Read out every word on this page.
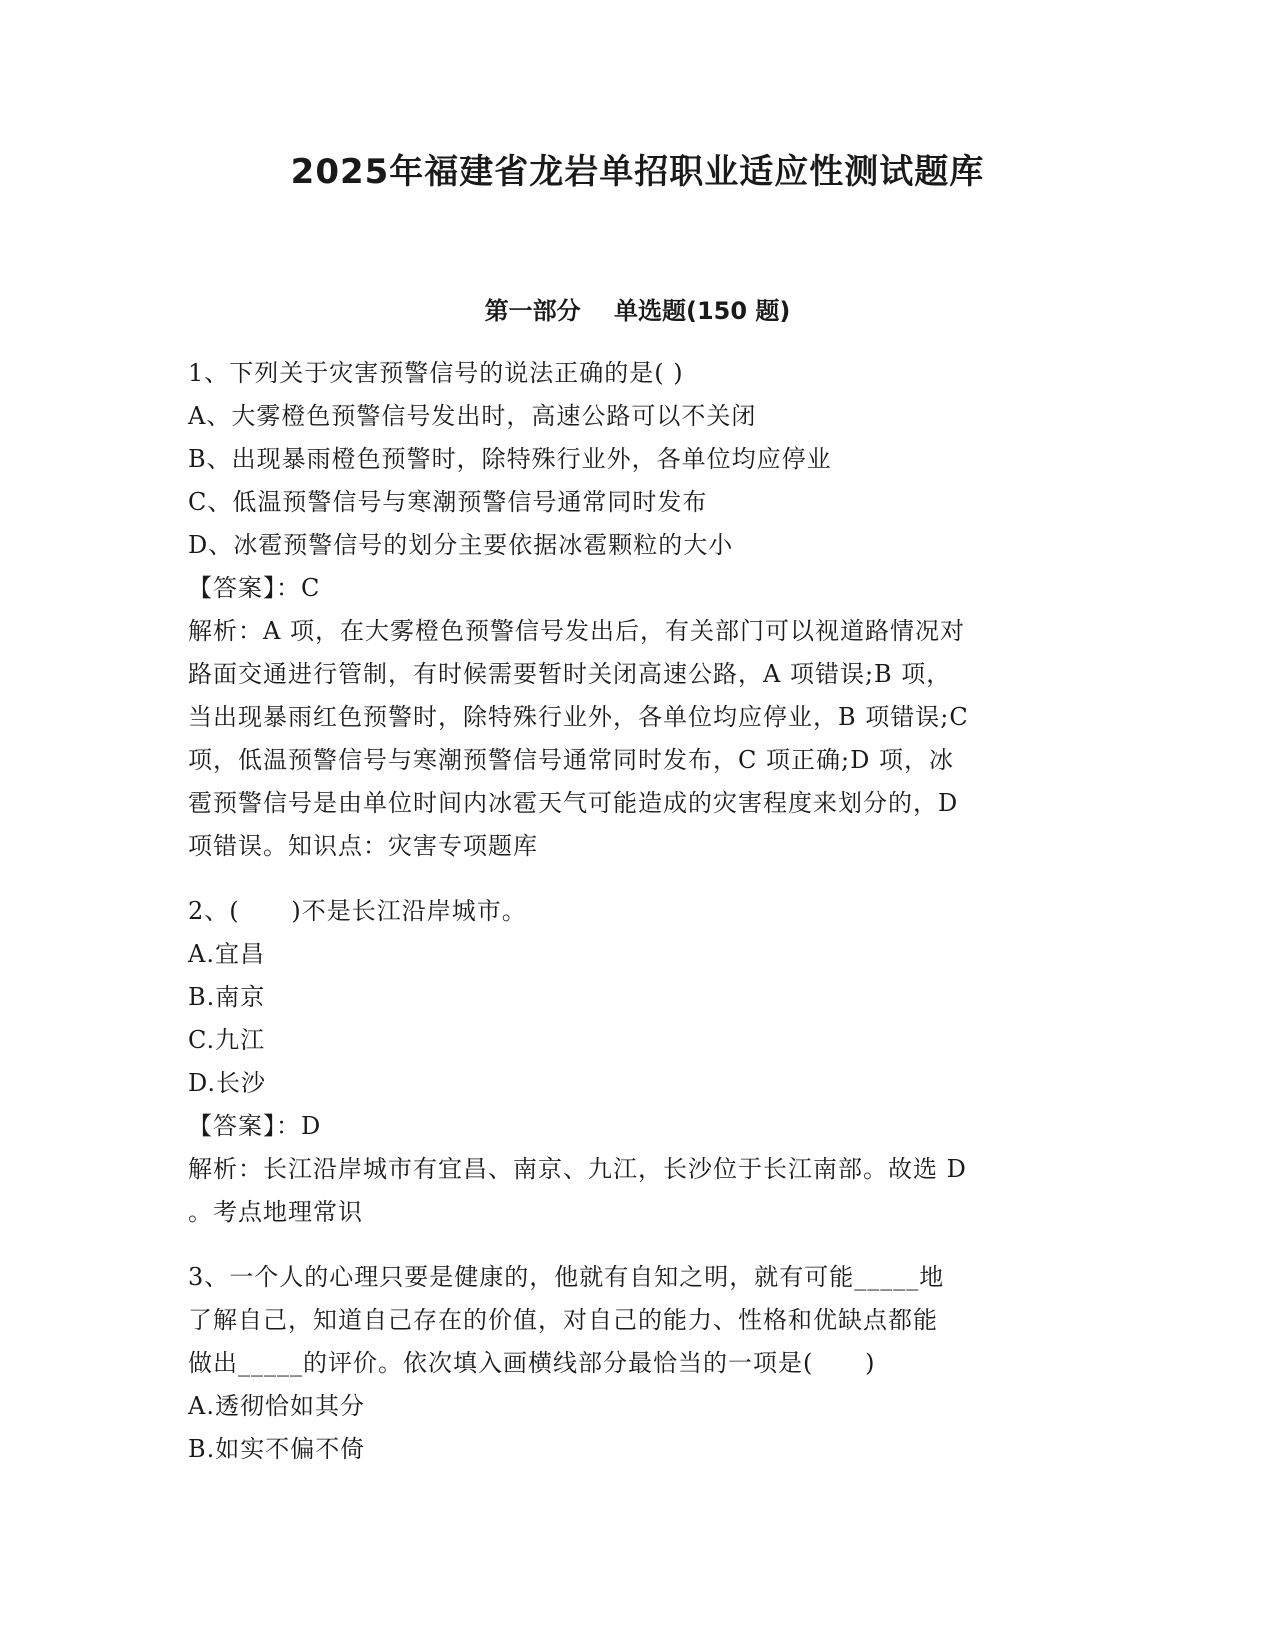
2025年福建省龙岩单招职业适应性测试题库
第一部分    单选题(150 题)
1、下列关于灾害预警信号的说法正确的是( )
A、大雾橙色预警信号发出时，高速公路可以不关闭
B、出现暴雨橙色预警时，除特殊行业外，各单位均应停业
C、低温预警信号与寒潮预警信号通常同时发布
D、冰雹预警信号的划分主要依据冰雹颗粒的大小
【答案】：C
解析：A 项，在大雾橙色预警信号发出后，有关部门可以视道路情况对
路面交通进行管制，有时候需要暂时关闭高速公路，A 项错误;B 项，
当出现暴雨红色预警时，除特殊行业外，各单位均应停业，B 项错误;C
项，低温预警信号与寒潮预警信号通常同时发布，C 项正确;D 项，冰
雹预警信号是由单位时间内冰雹天气可能造成的灾害程度来划分的，D
项错误。知识点：灾害专项题库
2、(      )不是长江沿岸城市。
A.宜昌
B.南京
C.九江
D.长沙
【答案】：D
解析：长江沿岸城市有宜昌、南京、九江，长沙位于长江南部。故选 D
。考点地理常识
3、一个人的心理只要是健康的，他就有自知之明，就有可能_____地
了解自己，知道自己存在的价值，对自己的能力、性格和优缺点都能
做出_____的评价。依次填入画横线部分最恰当的一项是(      )
A.透彻恰如其分
B.如实不偏不倚
